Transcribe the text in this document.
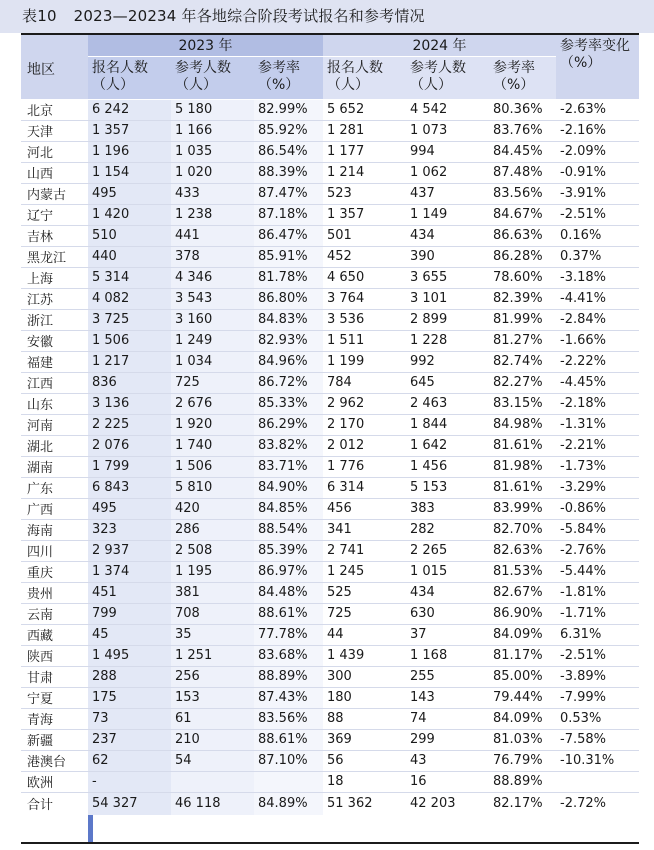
表10 2023—20234 年各地综合阶段考试报名和参考情况
地区	2023 年			2024 年			参考率变化（%）
	报名人数（人）	参考人数（人）	参考率（%）	报名人数（人）	参考人数（人）	参考率（%）	
北京	6 242	5 180	82.99%	5 652	4 542	80.36%	-2.63%
天津	1 357	1 166	85.92%	1 281	1 073	83.76%	-2.16%
河北	1 196	1 035	86.54%	1 177	994	84.45%	-2.09%
山西	1 154	1 020	88.39%	1 214	1 062	87.48%	-0.91%
内蒙古	495	433	87.47%	523	437	83.56%	-3.91%
辽宁	1 420	1 238	87.18%	1 357	1 149	84.67%	-2.51%
吉林	510	441	86.47%	501	434	86.63%	0.16%
黑龙江	440	378	85.91%	452	390	86.28%	0.37%
上海	5 314	4 346	81.78%	4 650	3 655	78.60%	-3.18%
江苏	4 082	3 543	86.80%	3 764	3 101	82.39%	-4.41%
浙江	3 725	3 160	84.83%	3 536	2 899	81.99%	-2.84%
安徽	1 506	1 249	82.93%	1 511	1 228	81.27%	-1.66%
福建	1 217	1 034	84.96%	1 199	992	82.74%	-2.22%
江西	836	725	86.72%	784	645	82.27%	-4.45%
山东	3 136	2 676	85.33%	2 962	2 463	83.15%	-2.18%
河南	2 225	1 920	86.29%	2 170	1 844	84.98%	-1.31%
湖北	2 076	1 740	83.82%	2 012	1 642	81.61%	-2.21%
湖南	1 799	1 506	83.71%	1 776	1 456	81.98%	-1.73%
广东	6 843	5 810	84.90%	6 314	5 153	81.61%	-3.29%
广西	495	420	84.85%	456	383	83.99%	-0.86%
海南	323	286	88.54%	341	282	82.70%	-5.84%
四川	2 937	2 508	85.39%	2 741	2 265	82.63%	-2.76%
重庆	1 374	1 195	86.97%	1 245	1 015	81.53%	-5.44%
贵州	451	381	84.48%	525	434	82.67%	-1.81%
云南	799	708	88.61%	725	630	86.90%	-1.71%
西藏	45	35	77.78%	44	37	84.09%	6.31%
陕西	1 495	1 251	83.68%	1 439	1 168	81.17%	-2.51%
甘肃	288	256	88.89%	300	255	85.00%	-3.89%
宁夏	175	153	87.43%	180	143	79.44%	-7.99%
青海	73	61	83.56%	88	74	84.09%	0.53%
新疆	237	210	88.61%	369	299	81.03%	-7.58%
港澳台	62	54	87.10%	56	43	76.79%	-10.31%
欧洲	-			18	16	88.89%	
合计	54 327	46 118	84.89%	51 362	42 203	82.17%	-2.72%
